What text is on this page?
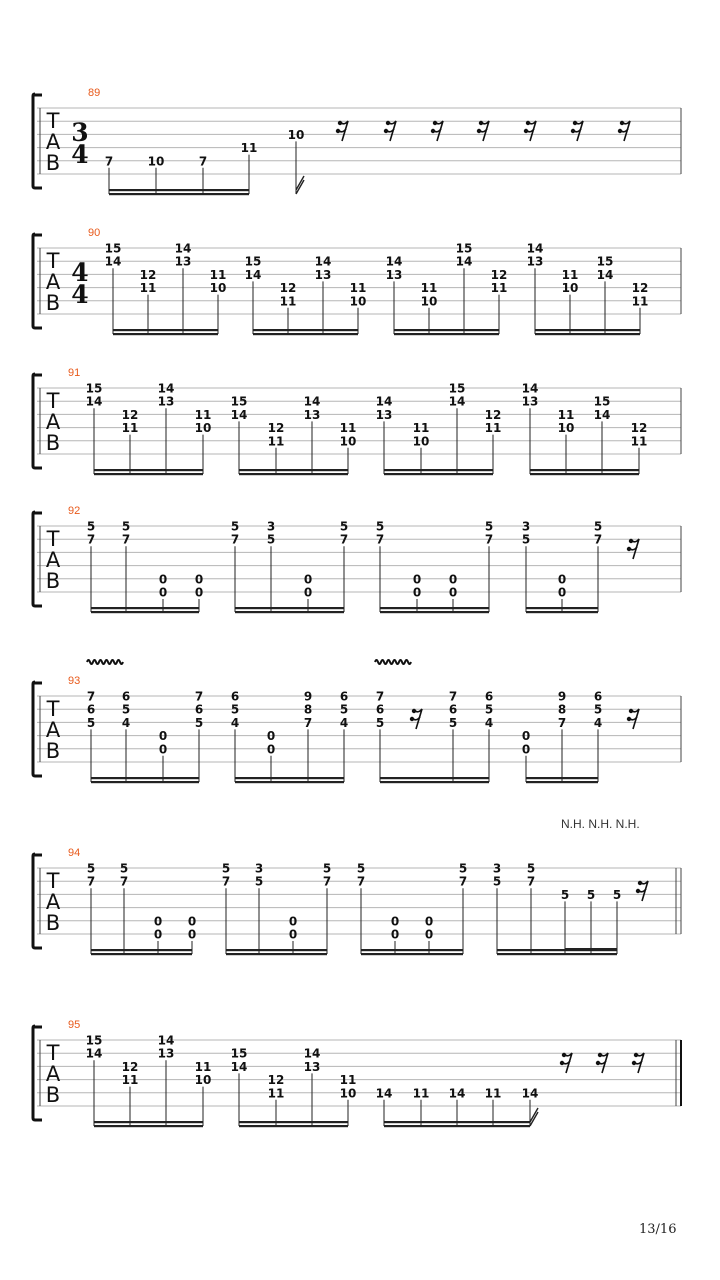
T
A
B
89
3
4 7	10	7
11
10
T
A
B
90
4
4
15
14
12
11
14
13
11
10
15
14
12
11
14
13
11
10
14
13
11
10
15
14
12
11
14
13
11
10
15
14
12
11
T
A
B
91
15
14
12
11
14
13
11
10
15
14
12
11
14
13
11
10
14
13
11
10
15
14
12
11
14
13
11
10
15
14
12
11
T
A
B
92
5
7
5
7
0
0
0
0
5
7
3
5
0
0
5
7
5
7
0
0
0
0
5
7
3
5
0
0
5
7
T
A
B
93
7
6
5
6
5
4
0
0
7
6
5
6
5
4
0
0
9
8
7
6
5
4
7
6
5
7
6
5
6
5
4
0
0
9
8
7
6
5
4
T
A
B
94
5
7
5
7
0
0
0
0
5
7
3
5
0
0
5
7
5
7
0
0
0
0
5
7
3
5
5
7
5 5 5
N.H. N.H. N.H.
T
A
B
95
15
14
12
11
14
13
11
10
15
14
12
11
14
13
11
10 14 11 14 11 14
13/16
